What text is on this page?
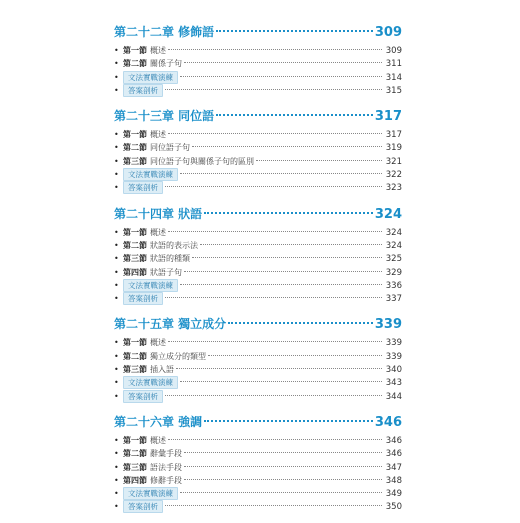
第二十二章 修飾語	309
• 第一節 概述	309
• 第二節 關係子句	311
•	文法實戰演練	314
•	答案剖析	315
第二十三章 同位語	317
• 第一節 概述	317
• 第二節 同位語子句	319
• 第三節 同位語子句與關係子句的區別	321
•	文法實戰演練	322
•	答案剖析	323
第二十四章 狀語	324
• 第一節 概述	324
• 第二節 狀語的表示法	324
• 第三節 狀語的種類	325
• 第四節 狀語子句	329
•	文法實戰演練	336
•	答案剖析	337
第二十五章 獨立成分	339
• 第一節 概述	339
• 第二節 獨立成分的類型	339
• 第三節 插入語	340
•	文法實戰演練	343
•	答案剖析	344
第二十六章 強調	346
• 第一節 概述	346
• 第二節 辭彙手段	346
• 第三節 語法手段	347
• 第四節 修辭手段	348
•	文法實戰演練	349
•	答案剖析	350
